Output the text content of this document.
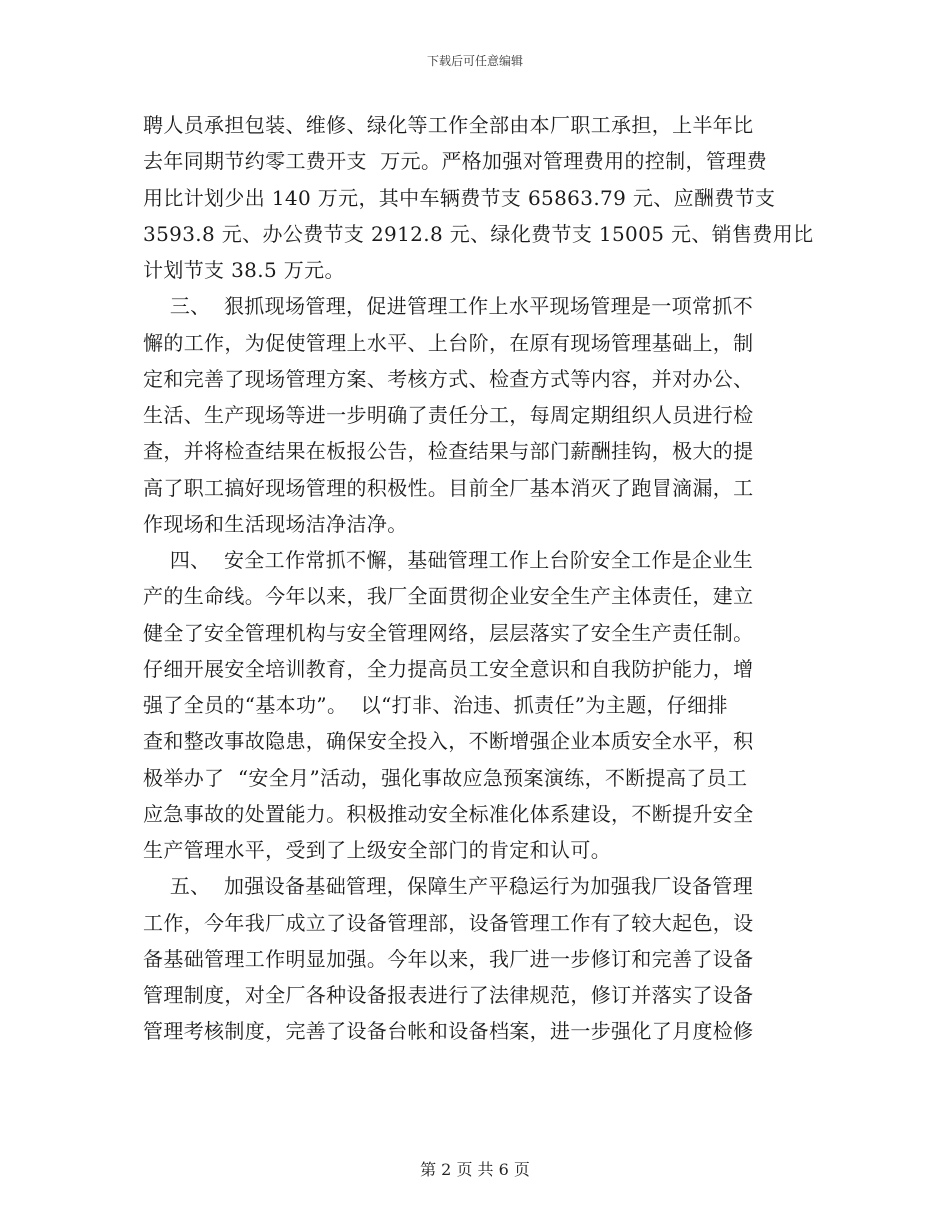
下载后可任意编辑
聘人员承担包装、维修、绿化等工作全部由本厂职工承担，上半年比
去年同期节约零工费开支  万元。严格加强对管理费用的控制，管理费
用比计划少出 140 万元，其中车辆费节支 65863.79 元、应酬费节支
3593.8 元、办公费节支 2912.8 元、绿化费节支 15005 元、销售费用比
计划节支 38.5 万元。
三、  狠抓现场管理，促进管理工作上水平现场管理是一项常抓不
懈的工作，为促使管理上水平、上台阶，在原有现场管理基础上，制
定和完善了现场管理方案、考核方式、检查方式等内容，并对办公、
生活、生产现场等进一步明确了责任分工，每周定期组织人员进行检
查，并将检查结果在板报公告，检查结果与部门薪酬挂钩，极大的提
高了职工搞好现场管理的积极性。目前全厂基本消灭了跑冒滴漏，工
作现场和生活现场洁净洁净。
四、  安全工作常抓不懈，基础管理工作上台阶安全工作是企业生
产的生命线。今年以来，我厂全面贯彻企业安全生产主体责任，建立
健全了安全管理机构与安全管理网络，层层落实了安全生产责任制。
仔细开展安全培训教育，全力提高员工安全意识和自我防护能力，增
强了全员的“基本功”。  以“打非、治违、抓责任”为主题，仔细排
查和整改事故隐患，确保安全投入，不断增强企业本质安全水平，积
极举办了  “安全月”活动，强化事故应急预案演练，不断提高了员工
应急事故的处置能力。积极推动安全标准化体系建设，不断提升安全
生产管理水平，受到了上级安全部门的肯定和认可。
五、  加强设备基础管理，保障生产平稳运行为加强我厂设备管理
工作，今年我厂成立了设备管理部，设备管理工作有了较大起色，设
备基础管理工作明显加强。今年以来，我厂进一步修订和完善了设备
管理制度，对全厂各种设备报表进行了法律规范，修订并落实了设备
管理考核制度，完善了设备台帐和设备档案，进一步强化了月度检修
第 2 页 共 6 页
